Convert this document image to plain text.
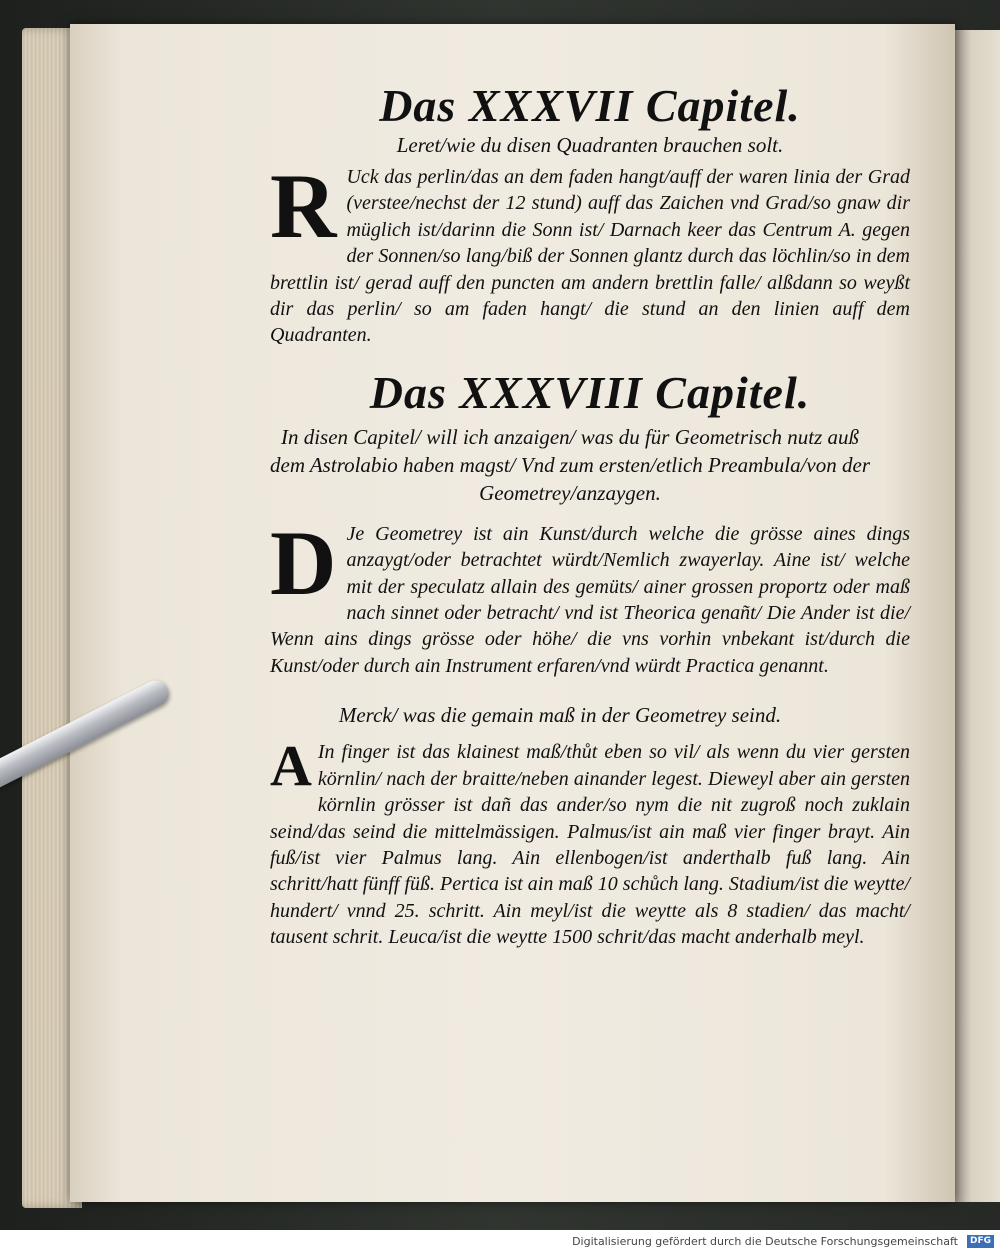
Das XXXVII Capitel.

Leret/wie du disen Quadranten brauchen solt.

R Uck das perlin/das an dem faden hangt/auff der waren linia der Grad (verstee/nechst der 12 stund) auff das Zaichen vnd Grad/so gnaw dir müglich ist/darinn die Sonn ist/ Darnach keer das Centrum A. gegen der Sonnen/so lang/biß der Sonnen glantz durch das löchlin/so in dem brettlin ist/ gerad auff den puncten am andern brettlin falle/ alßdann so weyßt dir das perlin/ so am faden hangt/ die stund an den linien auff dem Quadranten.

Das XXXVIII Capitel.

In disen Capitel/ will ich anzaigen/ was du für Geometrisch nutz auß dem Astrolabio haben magst/ Vnd zum ersten/etlich Preambula/von der Geometrey/anzaygen.

D Je Geometrey ist ain Kunst/durch welche die grösse aines dings anzaygt/oder betrachtet würdt/Nemlich zwayerlay. Aine ist/ welche mit der speculatz allain des gemüts/ ainer grossen proportz oder maß nach sinnet oder betracht/ vnd ist Theorica genañt/ Die Ander ist die/ Wenn ains dings grösse oder höhe/ die vns vorhin vnbekant ist/durch die Kunst/oder durch ain Instrument erfaren/vnd würdt Practica genannt.

Merck/ was die gemain maß in der Geometrey seind.

A In finger ist das klainest maß/thůt eben so vil/ als wenn du vier gersten körnlin/ nach der braitte/neben ainander legest. Dieweyl aber ain gersten körnlin grösser ist dañ das ander/so nym die nit zugroß noch zuklain seind/das seind die mittelmässigen. Palmus/ist ain maß vier finger brayt. Ain fuß/ist vier Palmus lang. Ain ellenbogen/ist anderthalb fuß lang. Ain schritt/hatt fünff füß. Pertica ist ain maß 10 schůch lang. Stadium/ist die weytte/ hundert/ vnnd 25. schritt. Ain meyl/ist die weytte als 8 stadien/ das macht/ tausent schrit. Leuca/ist die weytte 1500 schrit/das macht anderhalb meyl.

Digitalisierung gefördert durch die Deutsche Forschungsgemeinschaft	DFG
